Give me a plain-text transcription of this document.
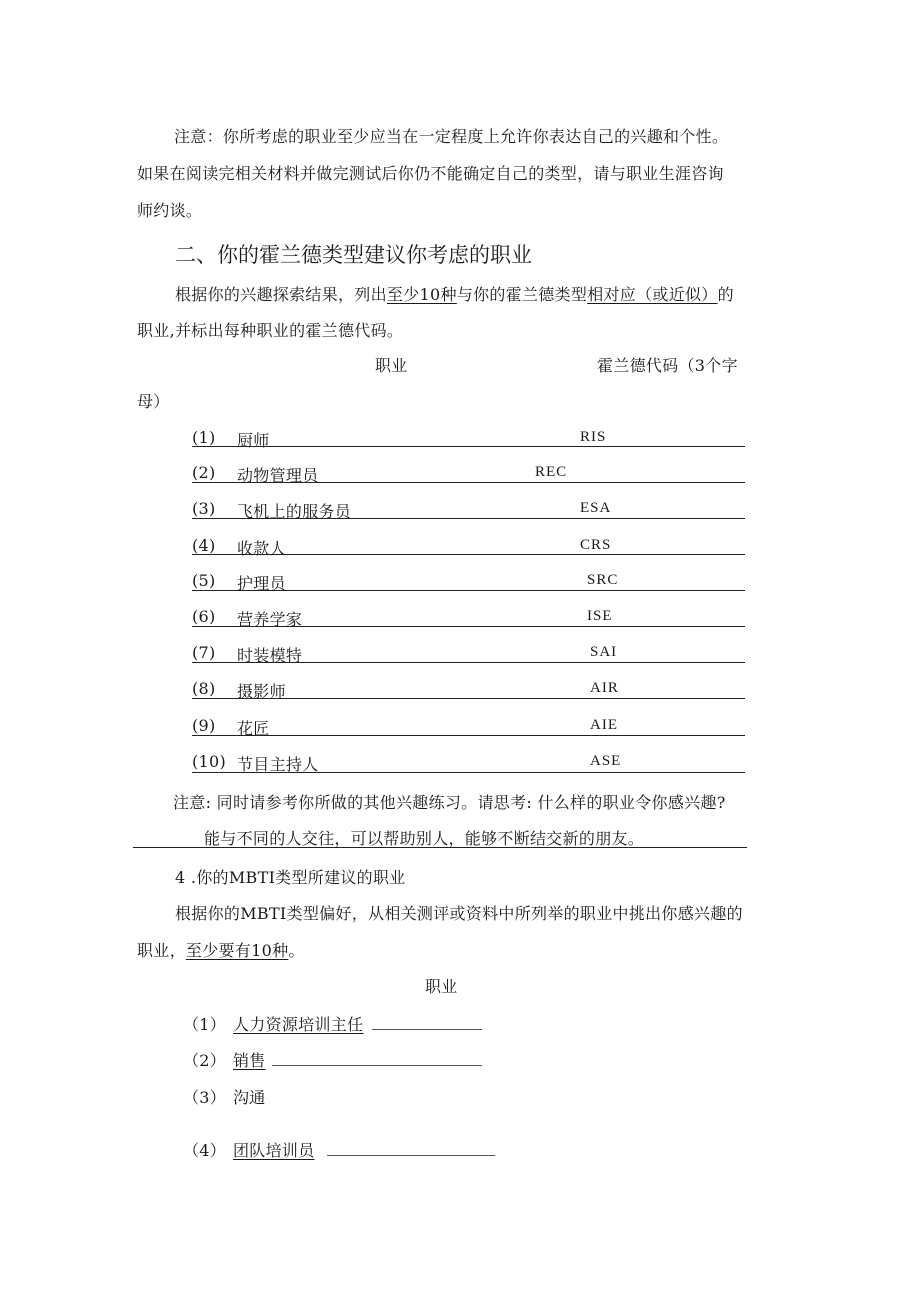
注意：你所考虑的职业至少应当在一定程度上允许你表达自己的兴趣和个性。
如果在阅读完相关材料并做完测试后你仍不能确定自己的类型，请与职业生涯咨询
师约谈。
二、你的霍兰德类型建议你考虑的职业
根据你的兴趣探索结果，列出至少10种与你的霍兰德类型相对应（或近似）的
职业,并标出每种职业的霍兰德代码。
职业	霍兰德代码（3个字
母）
(1) 厨师	RIS
(2) 动物管理员	REC
(3) 飞机上的服务员	ESA
(4) 收款人	CRS
(5) 护理员	SRC
(6) 营养学家	ISE
(7) 时装模特	SAI
(8) 摄影师	AIR
(9) 花匠	AIE
(10) 节目主持人	ASE
注意: 同时请参考你所做的其他兴趣练习。请思考: 什么样的职业令你感兴趣?
能与不同的人交往，可以帮助别人，能够不断结交新的朋友。
4 .你的MBTI类型所建议的职业
根据你的MBTI类型偏好，从相关测评或资料中所列举的职业中挑出你感兴趣的
职业，至少要有10种。
职业
（1） 人力资源培训主任
（2） 销售
（3） 沟通
（4） 团队培训员
